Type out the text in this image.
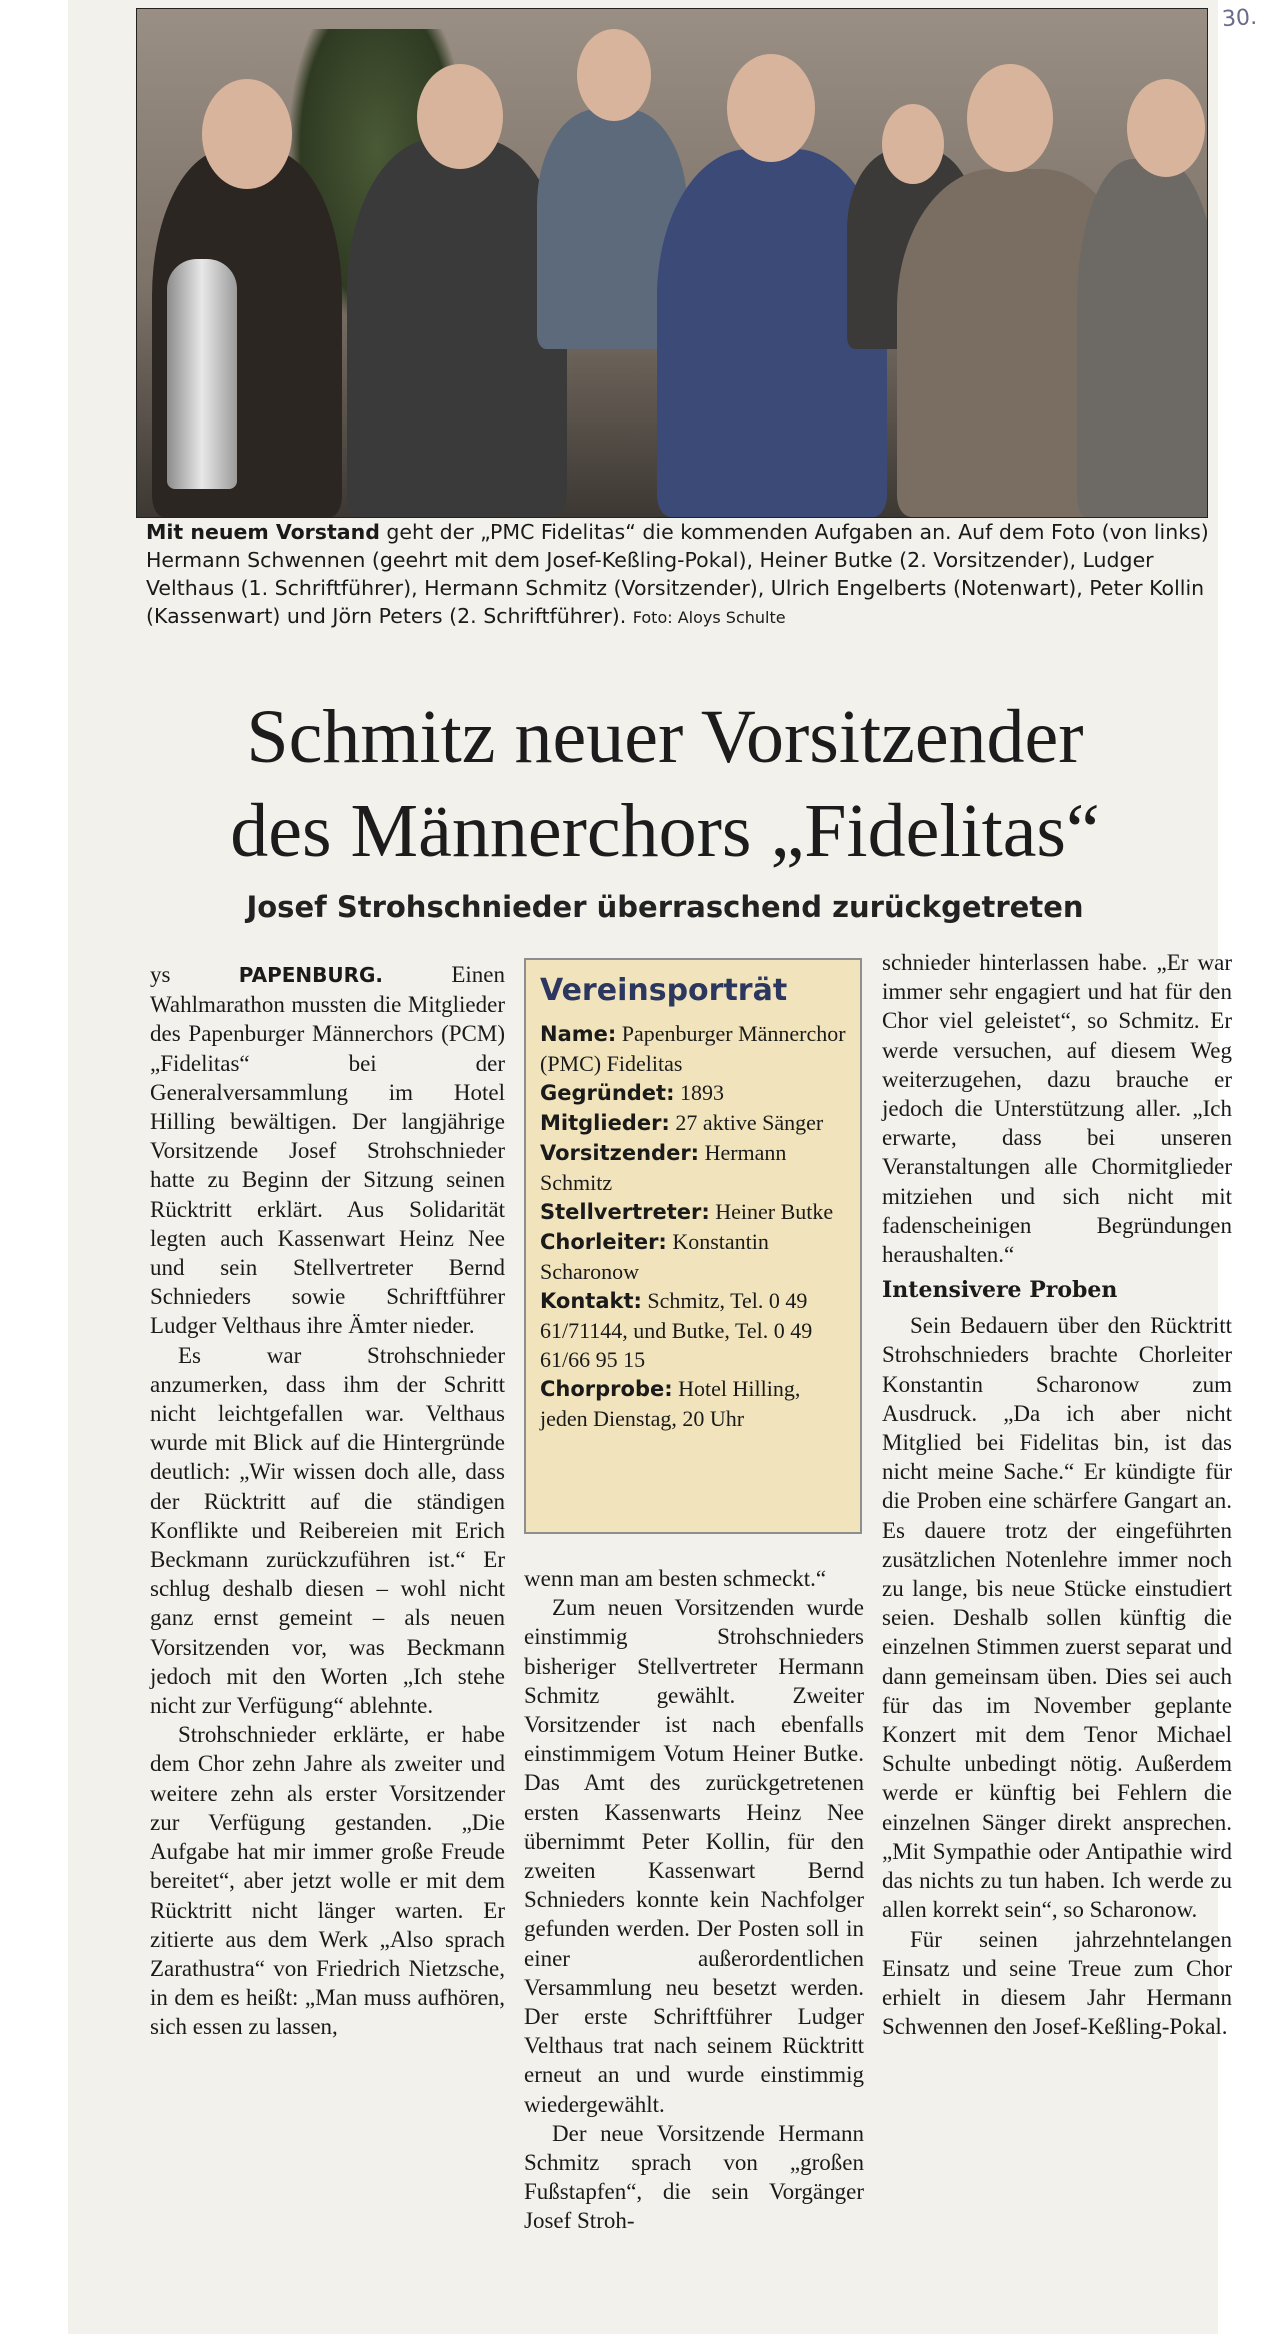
30.
Mit neuem Vorstand geht der „PMC Fidelitas“ die kommenden Aufgaben an. Auf dem Foto (von links) Hermann Schwennen (geehrt mit dem Josef-Keßling-Pokal), Heiner Butke (2. Vorsitzender), Ludger Velthaus (1. Schriftführer), Hermann Schmitz (Vorsitzender), Ulrich Engelberts (Notenwart), Peter Kollin (Kassenwart) und Jörn Peters (2. Schriftführer). Foto: Aloys Schulte
Schmitz neuer Vorsitzender
des Männerchors „Fidelitas“
Josef Strohschnieder überraschend zurückgetreten

ys	PAPENBURG.	Einen Wahlmarathon mussten die Mitglieder des Papenburger Männerchors (PCM) „Fidelitas“ bei der Generalversammlung im Hotel Hilling bewältigen. Der langjährige Vorsitzende Josef Strohschnieder hatte zu Beginn der Sitzung seinen Rücktritt erklärt. Aus Solidarität legten auch Kassenwart Heinz Nee und sein Stellvertreter Bernd Schnieders sowie Schriftführer Ludger Velthaus ihre Ämter nieder.

Es war Strohschnieder anzumerken, dass ihm der Schritt nicht leichtgefallen war. Velthaus wurde mit Blick auf die Hintergründe deutlich: „Wir wissen doch alle, dass der Rücktritt auf die ständigen Konflikte und Reibereien mit Erich Beckmann zurückzuführen ist.“ Er schlug deshalb diesen – wohl nicht ganz ernst gemeint – als neuen Vorsitzenden vor, was Beckmann jedoch mit den Worten „Ich stehe nicht zur Verfügung“ ablehnte.

Strohschnieder erklärte, er habe dem Chor zehn Jahre als zweiter und weitere zehn als erster Vorsitzender zur Verfügung gestanden. „Die Aufgabe hat mir immer große Freude bereitet“, aber jetzt wolle er mit dem Rücktritt nicht länger warten. Er zitierte aus dem Werk „Also sprach Zarathustra“ von Friedrich Nietzsche, in dem es heißt: „Man muss aufhören, sich essen zu lassen,

Vereinsporträt
Name: Papenburger Männerchor (PMC) Fidelitas
Gegründet: 1893
Mitglieder: 27 aktive Sänger
Vorsitzender: Hermann Schmitz
Stellvertreter: Heiner Butke
Chorleiter: Konstantin Scharonow
Kontakt: Schmitz, Tel. 0 49 61/71144, und Butke, Tel. 0 49 61/66 95 15
Chorprobe: Hotel Hilling, jeden Dienstag, 20 Uhr

wenn man am besten schmeckt.“

Zum neuen Vorsitzenden wurde einstimmig Strohschnieders bisheriger Stellvertreter Hermann Schmitz gewählt. Zweiter Vorsitzender ist nach ebenfalls einstimmigem Votum Heiner Butke. Das Amt des zurückgetretenen ersten Kassenwarts Heinz Nee übernimmt Peter Kollin, für den zweiten Kassenwart Bernd Schnieders konnte kein Nachfolger gefunden werden. Der Posten soll in einer außerordentlichen Versammlung neu besetzt werden. Der erste Schriftführer Ludger Velthaus trat nach seinem Rücktritt erneut an und wurde einstimmig wiedergewählt.

Der neue Vorsitzende Hermann Schmitz sprach von „großen Fußstapfen“, die sein Vorgänger Josef Stroh-

schnieder hinterlassen habe. „Er war immer sehr engagiert und hat für den Chor viel geleistet“, so Schmitz. Er werde versuchen, auf diesem Weg weiterzugehen, dazu brauche er jedoch die Unterstützung aller. „Ich erwarte, dass bei unseren Veranstaltungen alle Chormitglieder mitziehen und sich nicht mit fadenscheinigen Begründungen heraushalten.“

Intensivere Proben

Sein Bedauern über den Rücktritt Strohschnieders brachte Chorleiter Konstantin Scharonow zum Ausdruck. „Da ich aber nicht Mitglied bei Fidelitas bin, ist das nicht meine Sache.“ Er kündigte für die Proben eine schärfere Gangart an. Es dauere trotz der eingeführten zusätzlichen Notenlehre immer noch zu lange, bis neue Stücke einstudiert seien. Deshalb sollen künftig die einzelnen Stimmen zuerst separat und dann gemeinsam üben. Dies sei auch für das im November geplante Konzert mit dem Tenor Michael Schulte unbedingt nötig. Außerdem werde er künftig bei Fehlern die einzelnen Sänger direkt ansprechen. „Mit Sympathie oder Antipathie wird das nichts zu tun haben. Ich werde zu allen korrekt sein“, so Scharonow.

Für seinen jahrzehntelangen Einsatz und seine Treue zum Chor erhielt in diesem Jahr Hermann Schwennen den Josef-Keßling-Pokal.
